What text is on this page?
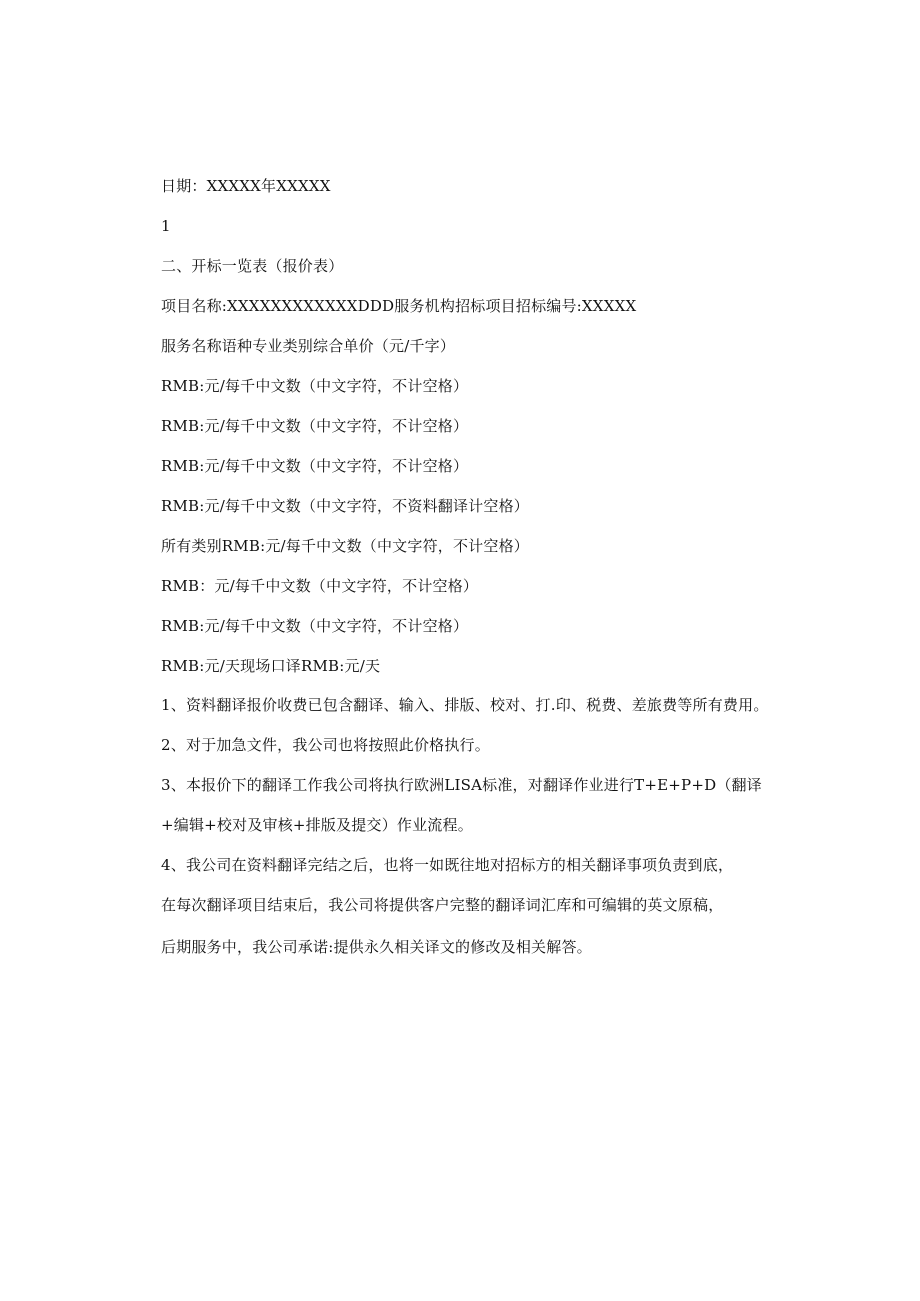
日期：XXXXX年XXXXX
1
二、开标一览表（报价表）
项目名称:XXXXXXXXXXXXDDD服务机构招标项目招标编号:XXXXX
服务名称语种专业类别综合单价（元/千字）
RMB:元/每千中文数（中文字符，不计空格）
RMB:元/每千中文数（中文字符，不计空格）
RMB:元/每千中文数（中文字符，不计空格）
RMB:元/每千中文数（中文字符，不资料翻译计空格）
所有类别RMB:元/每千中文数（中文字符，不计空格）
RMB：元/每千中文数（中文字符，不计空格）
RMB:元/每千中文数（中文字符，不计空格）
RMB:元/天现场口译RMB:元/天
1、资料翻译报价收费已包含翻译、输入、排版、校对、打.印、税费、差旅费等所有费用。
2、对于加急文件，我公司也将按照此价格执行。
3、本报价下的翻译工作我公司将执行欧洲LISA标准，对翻译作业进行T+E+P+D（翻译
+编辑+校对及审核+排版及提交）作业流程。
4、我公司在资料翻译完结之后，也将一如既往地对招标方的相关翻译事项负责到底，
在每次翻译项目结束后，我公司将提供客户完整的翻译词汇库和可编辑的英文原稿，
后期服务中，我公司承诺:提供永久相关译文的修改及相关解答。
